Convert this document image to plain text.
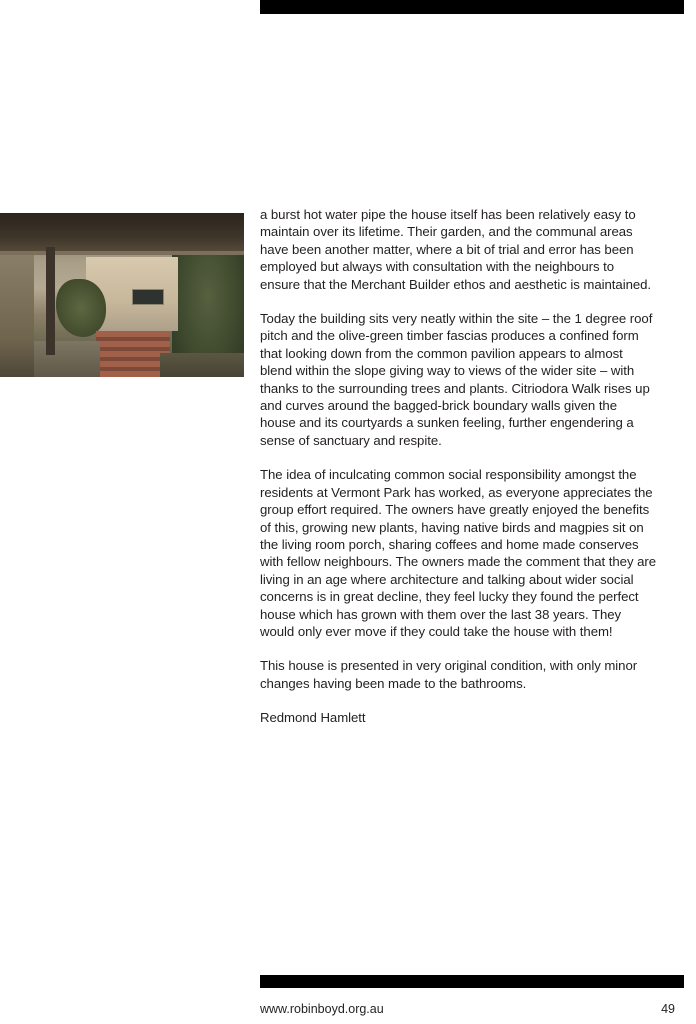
a burst hot water pipe the house itself has been relatively easy to maintain over its lifetime. Their garden, and the communal areas have been another matter, where a bit of trial and error has been employed but always with consultation with the neighbours to ensure that the Merchant Builder ethos and aesthetic is maintained.

Today the building sits very neatly within the site – the 1 degree roof pitch and the olive-green timber fascias produces a confined form that looking down from the common pavilion appears to almost blend within the slope giving way to views of the wider site – with thanks to the surrounding trees and plants. Citriodora Walk rises up and curves around the bagged-brick boundary walls given the house and its courtyards a sunken feeling, further engendering a sense of sanctuary and respite.

The idea of inculcating common social responsibility amongst the residents at Vermont Park has worked, as everyone appreciates the group effort required. The owners have greatly enjoyed the benefits of this, growing new plants, having native birds and magpies sit on the living room porch, sharing coffees and home made conserves with fellow neighbours. The owners made the comment that they are living in an age where architecture and talking about wider social concerns is in great decline, they feel lucky they found the perfect house which has grown with them over the last 38 years. They would only ever move if they could take the house with them!

This house is presented in very original condition, with only minor changes having been made to the bathrooms.

Redmond Hamlett

www.robinboyd.org.au	49
